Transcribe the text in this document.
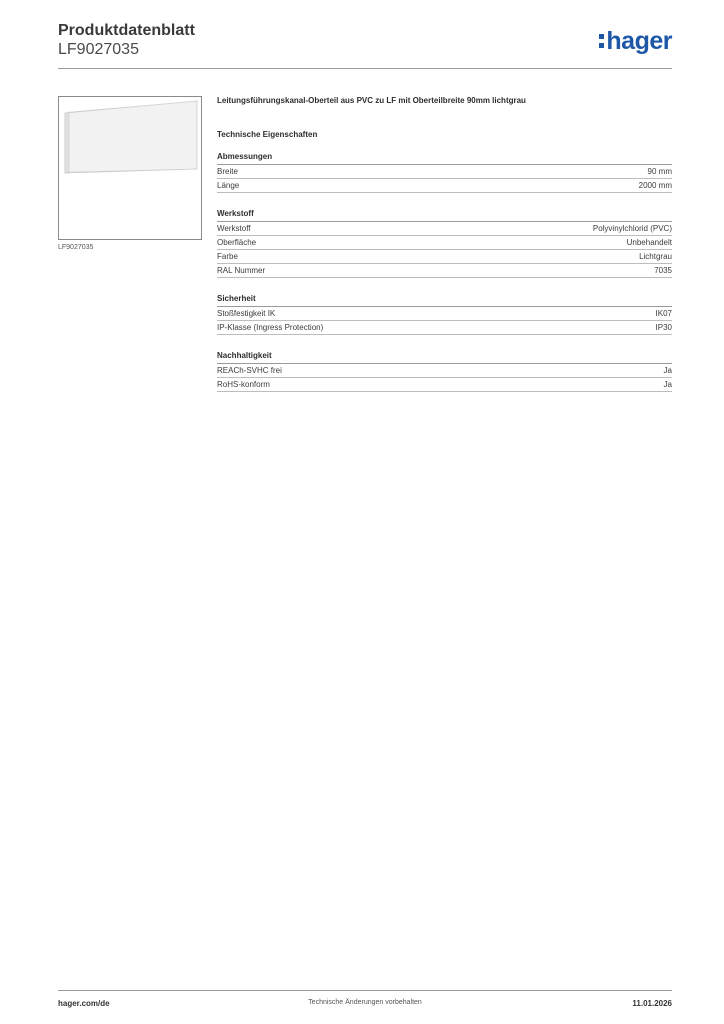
Produktdatenblatt
LF9027035	hager
LF9027035
Leitungsführungskanal-Oberteil aus PVC zu LF mit Oberteilbreite 90mm lichtgrau
Technische Eigenschaften
Abmessungen
Breite	90 mm
Länge	2000 mm
Werkstoff
Werkstoff	Polyvinylchlorid (PVC)
Oberfläche	Unbehandelt
Farbe	Lichtgrau
RAL Nummer	7035
Sicherheit
Stoßfestigkeit IK	IK07
IP-Klasse (Ingress Protection)	IP30
Nachhaltigkeit
REACh-SVHC frei	Ja
RoHS-konform	Ja
hager.com/de	Technische Änderungen vorbehalten	11.01.2026
